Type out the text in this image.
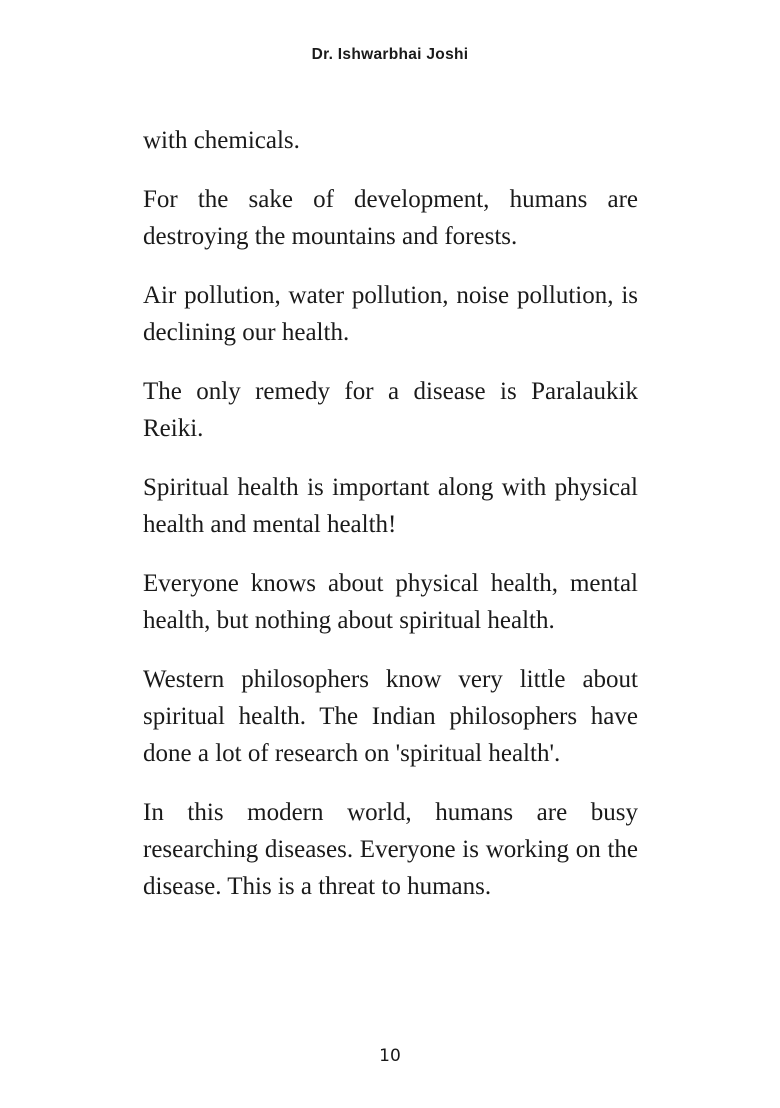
Dr. Ishwarbhai Joshi

with chemicals.

For the sake of development, humans are destroying the mountains and forests.

Air pollution, water pollution, noise pollution, is declining our health.

The only remedy for a disease is Paralaukik Reiki.

Spiritual health is important along with physical health and mental health!

Everyone knows about physical health, mental health, but nothing about spiritual health.

Western philosophers know very little about spiritual health. The Indian philosophers have done a lot of research on 'spiritual health'.

In this modern world, humans are busy researching diseases. Everyone is working on the disease. This is a threat to humans.

10
